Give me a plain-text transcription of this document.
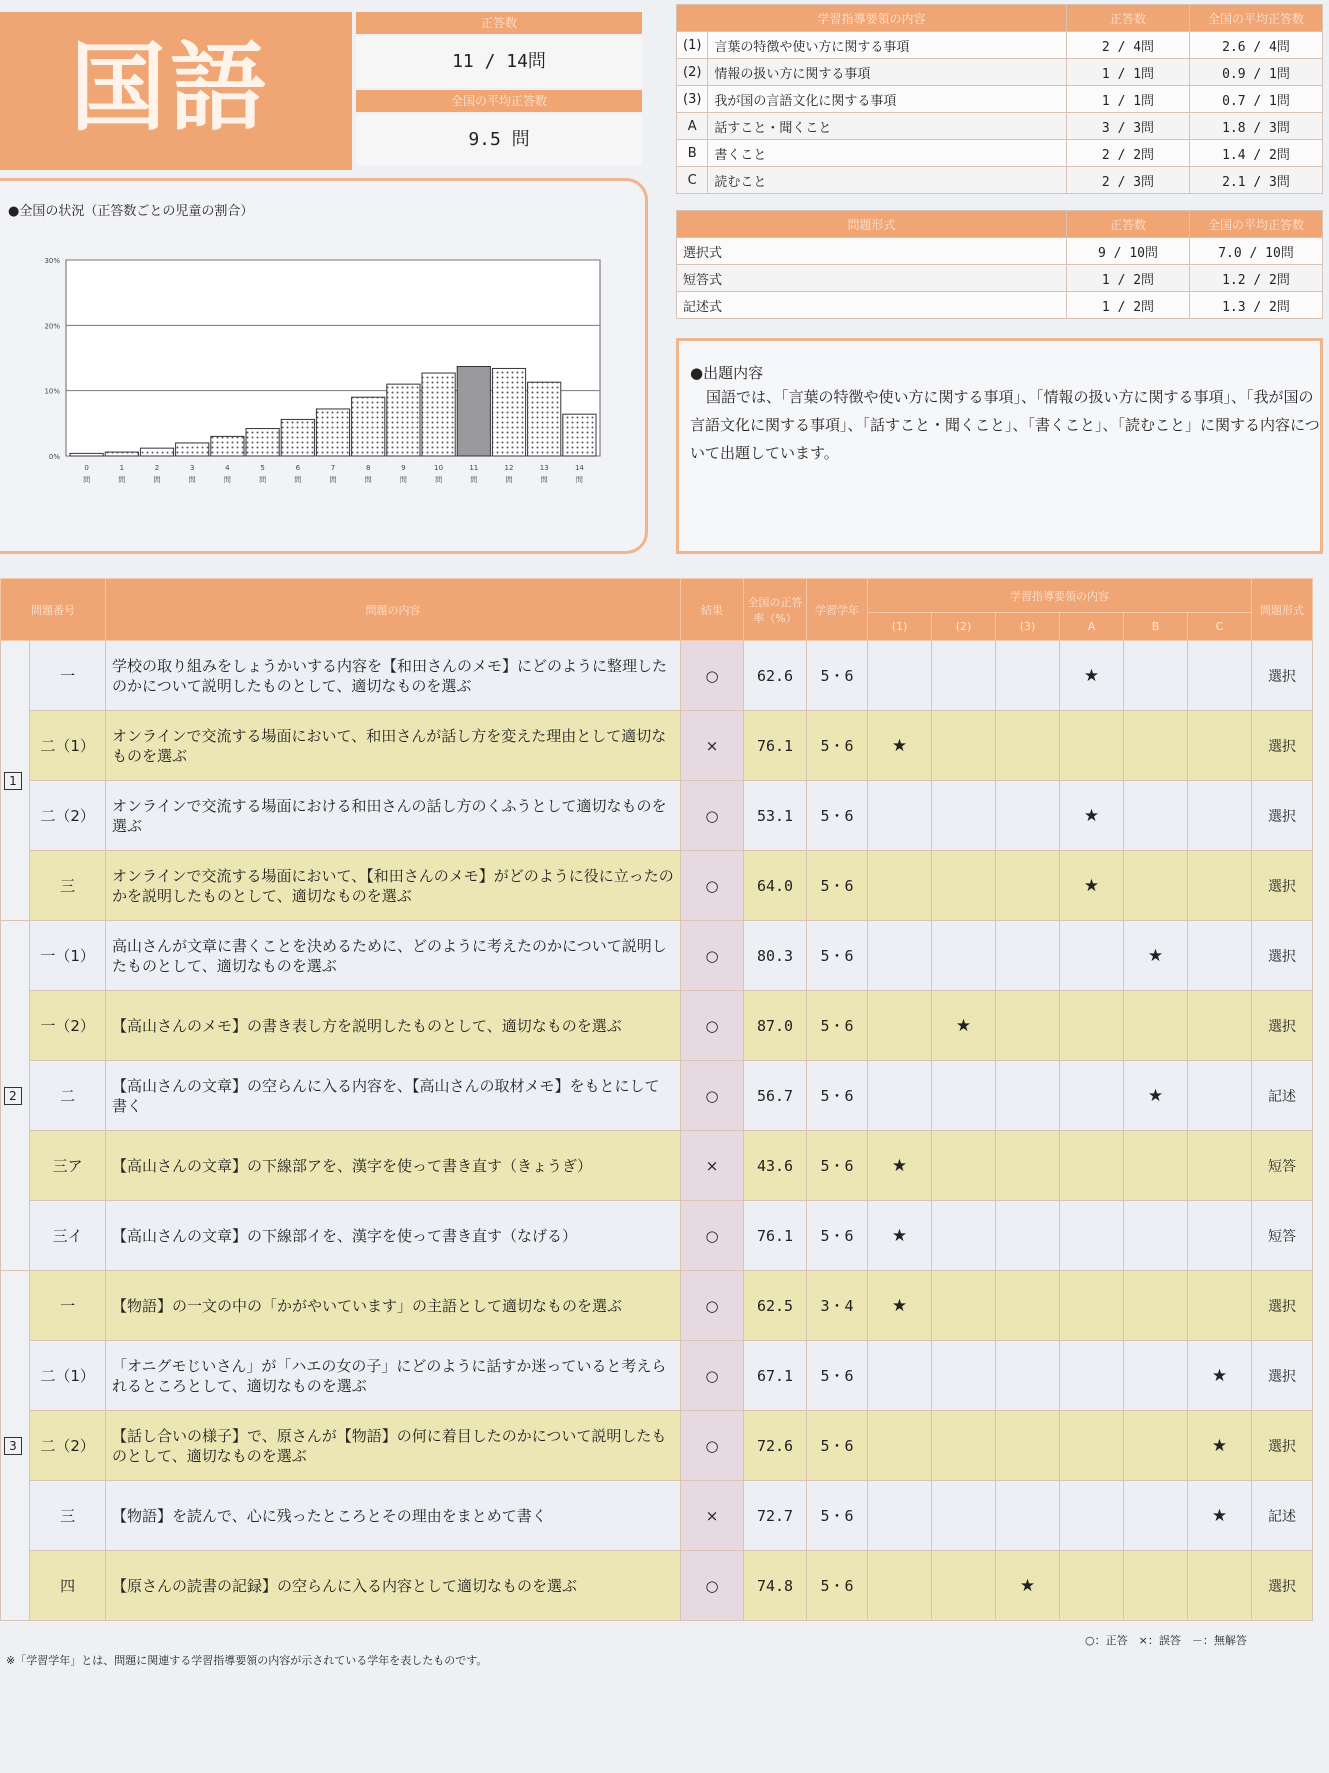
国語
正答数
11 / 14問
全国の平均正答数
9.5 問
学習指導要領の内容		正答数	全国の平均正答数
(1)	言葉の特徴や使い方に関する事項	2 / 4問	2.6 / 4問
(2)	情報の扱い方に関する事項	1 / 1問	0.9 / 1問
(3)	我が国の言語文化に関する事項	1 / 1問	0.7 / 1問
A	話すこと・聞くこと	3 / 3問	1.8 / 3問
B	書くこと	2 / 2問	1.4 / 2問
C	読むこと	2 / 3問	2.1 / 3問
問題形式	正答数	全国の平均正答数
選択式	9 / 10問	7.0 / 10問
短答式	1 / 2問	1.2 / 2問
記述式	1 / 2問	1.3 / 2問
●全国の状況（正答数ごとの児童の割合）
0%
10%
20%
30%
0
問
1
問
2
問
3
問
4
問
5
問
6
問
7
問
8
問
9
問
10
問
11
問
12
問
13
問
14
問
●出題内容
国語では、「言葉の特徴や使い方に関する事項」、「情報の扱い方に関する事項」、「我が国の言語文化に関する事項」、「話すこと・聞くこと」、「書くこと」、「読むこと」に関する内容について出題しています。
問題番号		問題の内容	結果	全国の正答率（%）	学習学年	学習指導要領の内容						問題形式
						(1)	(2)	(3)	A	B	C	
1	一	学校の取り組みをしょうかいする内容を【和田さんのメモ】にどのように整理したのかについて説明したものとして、適切なものを選ぶ	○	62.6	5・6				★			選択
	二（1）	オンラインで交流する場面において、和田さんが話し方を変えた理由として適切なものを選ぶ	×	76.1	5・6	★						選択
	二（2）	オンラインで交流する場面における和田さんの話し方のくふうとして適切なものを選ぶ	○	53.1	5・6				★			選択
	三	オンラインで交流する場面において、【和田さんのメモ】がどのように役に立ったのかを説明したものとして、適切なものを選ぶ	○	64.0	5・6				★			選択
2	一（1）	高山さんが文章に書くことを決めるために、どのように考えたのかについて説明したものとして、適切なものを選ぶ	○	80.3	5・6					★		選択
	一（2）	【高山さんのメモ】の書き表し方を説明したものとして、適切なものを選ぶ	○	87.0	5・6		★					選択
	二	【高山さんの文章】の空らんに入る内容を、【高山さんの取材メモ】をもとにして書く	○	56.7	5・6					★		記述
	三ア	【高山さんの文章】の下線部アを、漢字を使って書き直す（きょうぎ）	×	43.6	5・6	★						短答
	三イ	【高山さんの文章】の下線部イを、漢字を使って書き直す（なげる）	○	76.1	5・6	★						短答
3	一	【物語】の一文の中の「かがやいています」の主語として適切なものを選ぶ	○	62.5	3・4	★						選択
	二（1）	「オニグモじいさん」が「ハエの女の子」にどのように話すか迷っていると考えられるところとして、適切なものを選ぶ	○	67.1	5・6						★	選択
	二（2）	【話し合いの様子】で、原さんが【物語】の何に着目したのかについて説明したものとして、適切なものを選ぶ	○	72.6	5・6						★	選択
	三	【物語】を読んで、心に残ったところとその理由をまとめて書く	×	72.7	5・6						★	記述
	四	【原さんの読書の記録】の空らんに入る内容として適切なものを選ぶ	○	74.8	5・6			★				選択
○：正答　×：誤答　－：無解答
※「学習学年」とは、問題に関連する学習指導要領の内容が示されている学年を表したものです。
